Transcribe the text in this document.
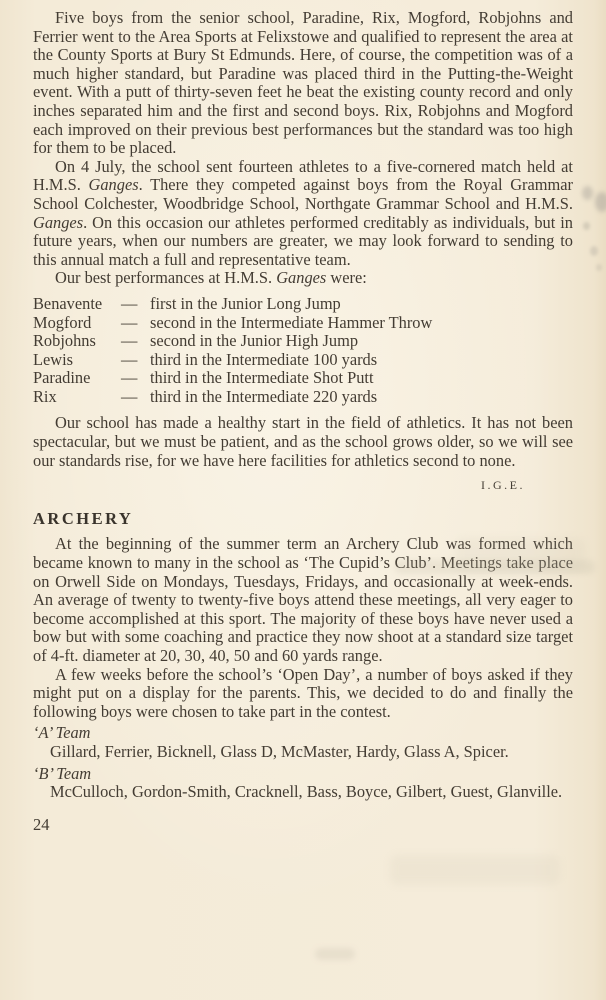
Five boys from the senior school, Paradine, Rix, Mogford, Robjohns and Ferrier went to the Area Sports at Felixstowe and qualified to represent the area at the County Sports at Bury St Edmunds. Here, of course, the competition was of a much higher standard, but Paradine was placed third in the Putting-the-Weight event. With a putt of thirty-seven feet he beat the existing county record and only inches separated him and the first and second boys. Rix, Robjohns and Mogford each improved on their previous best performances but the standard was too high for them to be placed.

On 4 July, the school sent fourteen athletes to a five-cornered match held at H.M.S. Ganges. There they competed against boys from the Royal Grammar School Colchester, Woodbridge School, Northgate Grammar School and H.M.S. Ganges. On this occasion our athletes performed creditably as individuals, but in future years, when our numbers are greater, we may look forward to sending to this annual match a full and representative team.

Our best performances at H.M.S. Ganges were:

Benavente	— first in the Junior Long Jump
Mogford	— second in the Intermediate Hammer Throw
Robjohns	— second in the Junior High Jump
Lewis	— third in the Intermediate 100 yards
Paradine	— third in the Intermediate Shot Putt
Rix	— third in the Intermediate 220 yards

Our school has made a healthy start in the field of athletics. It has not been spectacular, but we must be patient, and as the school grows older, so we will see our standards rise, for we have here facilities for athletics second to none.

I.G.E.
ARCHERY

At the beginning of the summer term an Archery Club was formed which became known to many in the school as ‘The Cupid’s Club’. Meetings take place on Orwell Side on Mondays, Tuesdays, Fridays, and occasionally at week-ends. An average of twenty to twenty-five boys attend these meetings, all very eager to become accomplished at this sport. The majority of these boys have never used a bow but with some coaching and practice they now shoot at a standard size target of 4-ft. diameter at 20, 30, 40, 50 and 60 yards range.

A few weeks before the school’s ‘Open Day’, a number of boys asked if they might put on a display for the parents. This, we decided to do and finally the following boys were chosen to take part in the contest.

‘A’ Team

Gillard, Ferrier, Bicknell, Glass D, McMaster, Hardy, Glass A, Spicer.

‘B’ Team

McCulloch, Gordon-Smith, Cracknell, Bass, Boyce, Gilbert, Guest, Glanville.

24
